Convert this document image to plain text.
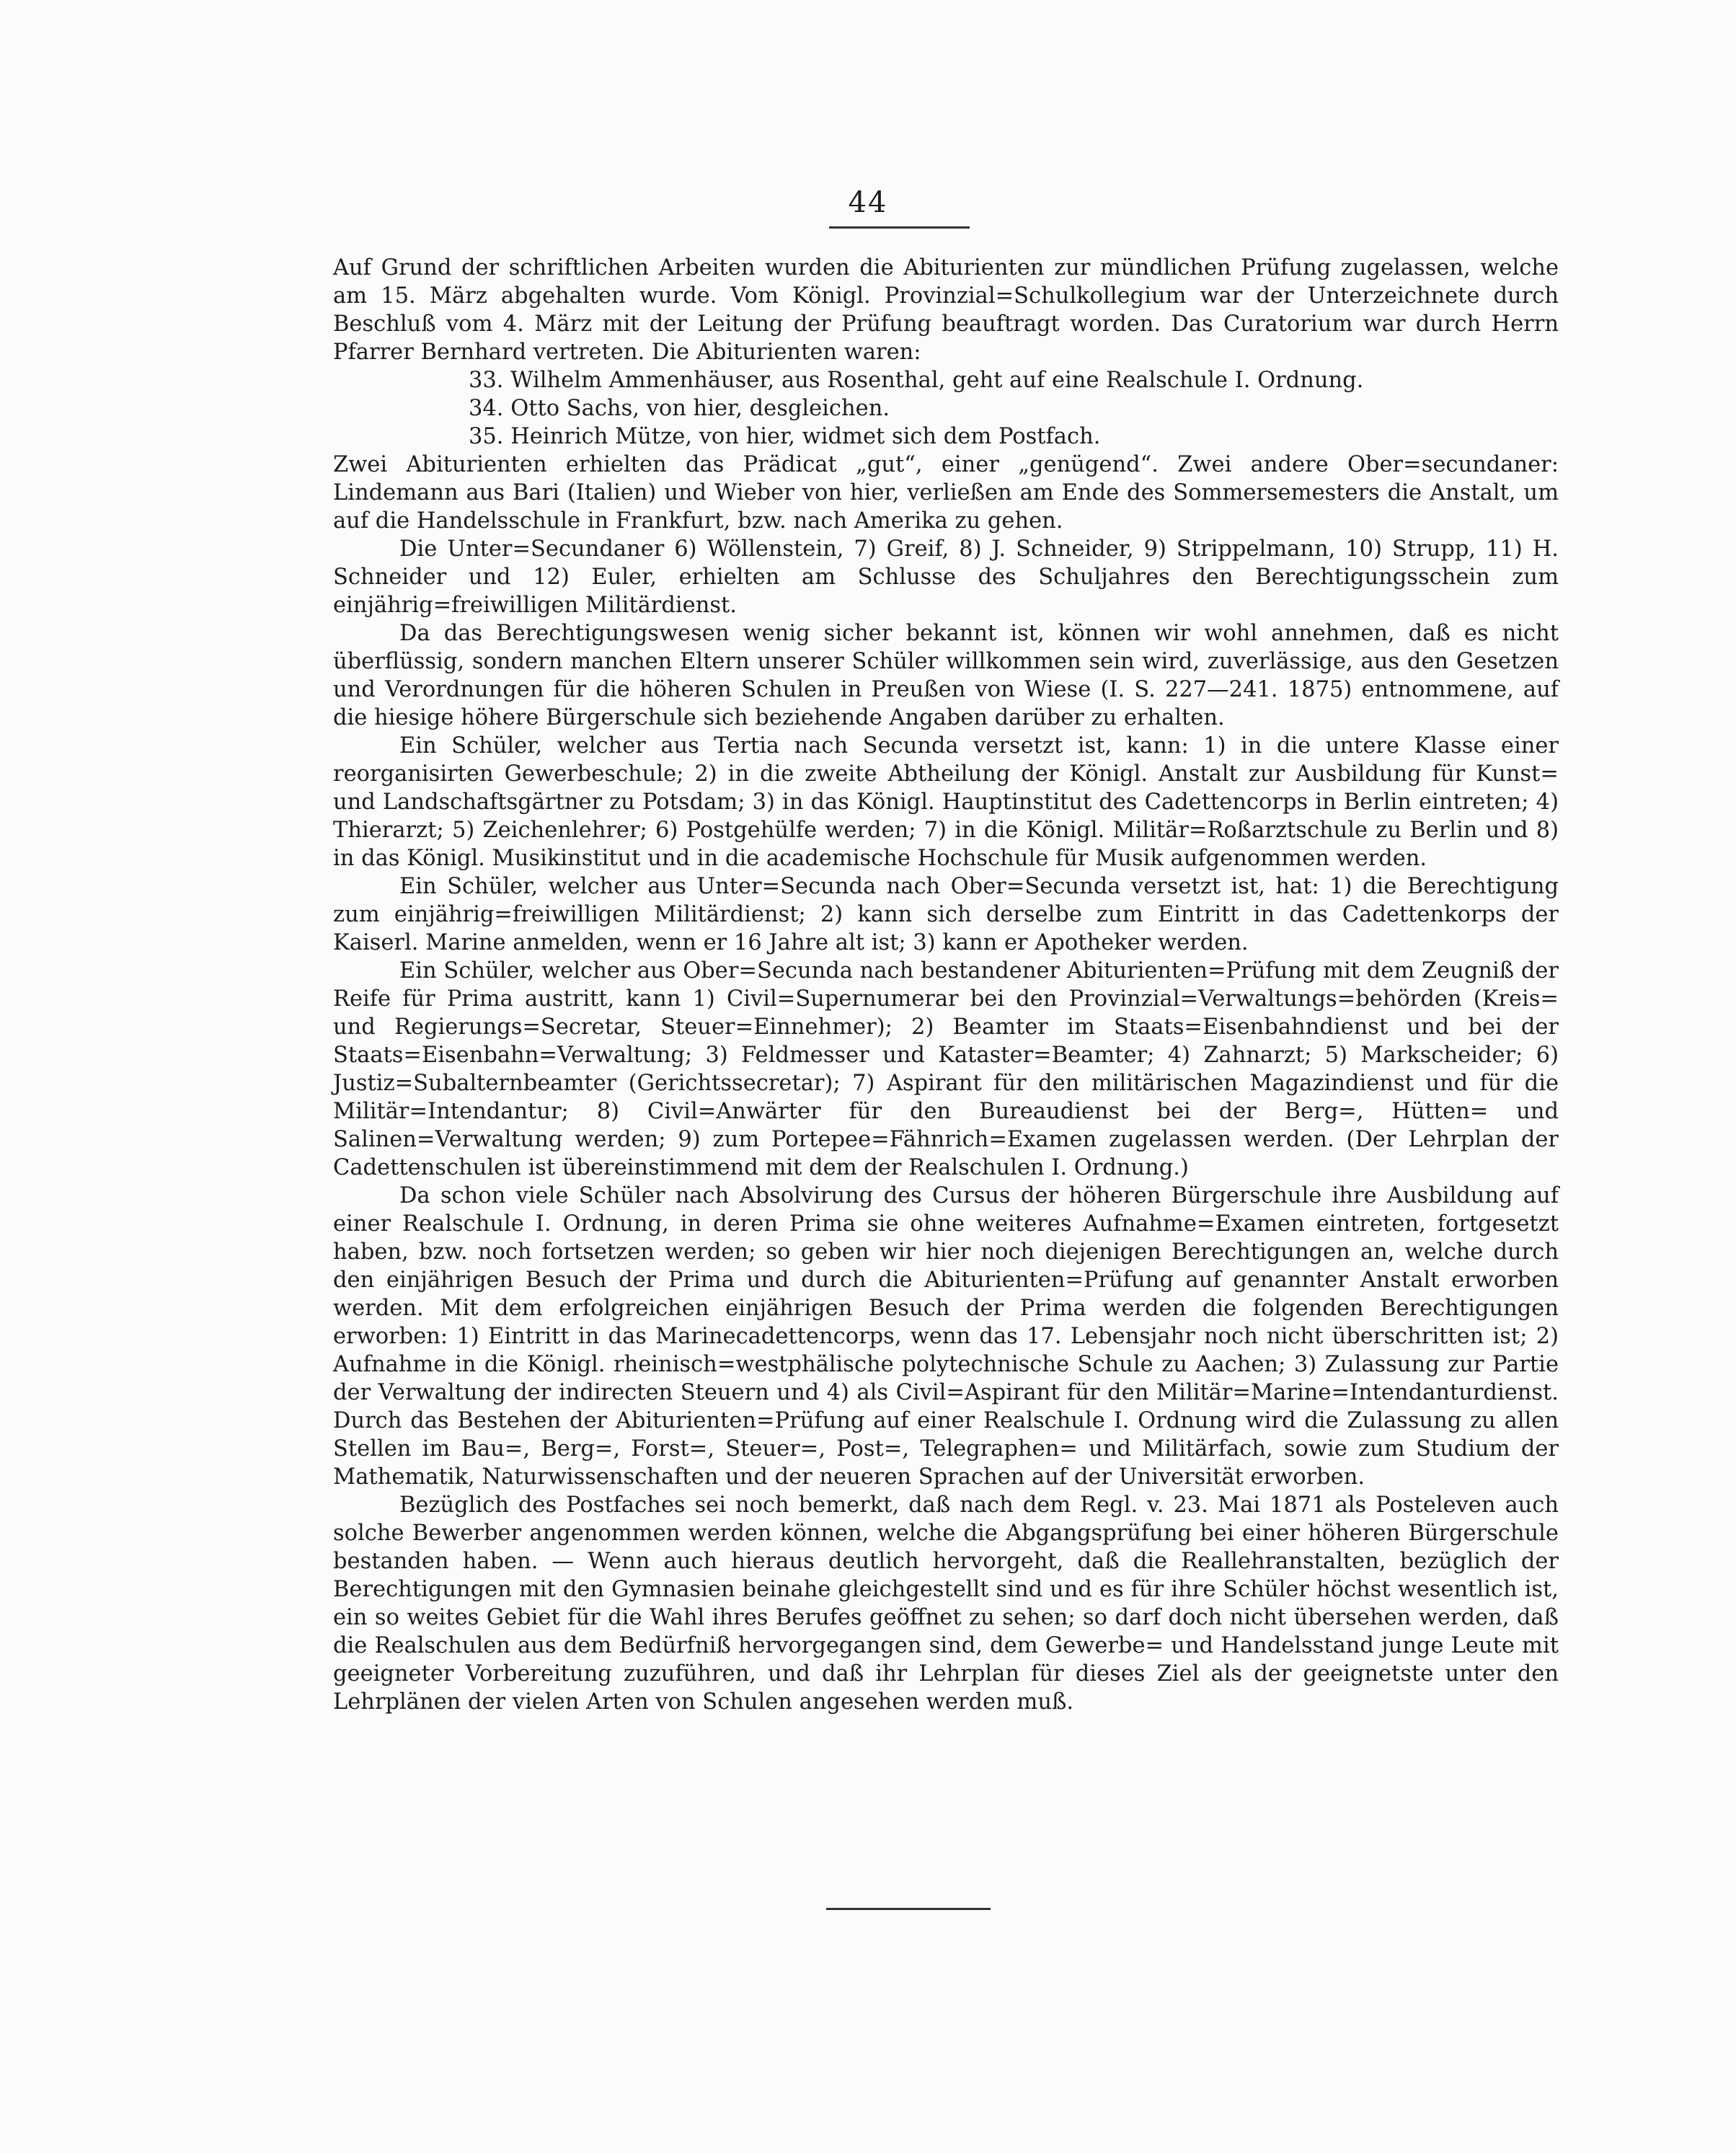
44

Auf Grund der schriftlichen Arbeiten wurden die Abiturienten zur mündlichen Prüfung zugelassen, welche am 15. März abgehalten wurde. Vom Königl. Provinzial=Schulkollegium war der Unterzeichnete durch Beschluß vom 4. März mit der Leitung der Prüfung beauftragt worden. Das Curatorium war durch Herrn Pfarrer Bernhard vertreten. Die Abiturienten waren:

33. Wilhelm Ammenhäuser, aus Rosenthal, geht auf eine Realschule I. Ordnung.

34. Otto Sachs, von hier, desgleichen.

35. Heinrich Mütze, von hier, widmet sich dem Postfach.

Zwei Abiturienten erhielten das Prädicat „gut“, einer „genügend“. Zwei andere Ober=secundaner: Lindemann aus Bari (Italien) und Wieber von hier, verließen am Ende des Sommersemesters die Anstalt, um auf die Handelsschule in Frankfurt, bzw. nach Amerika zu gehen.

Die Unter=Secundaner 6) Wöllenstein, 7) Greif, 8) J. Schneider, 9) Strippelmann, 10) Strupp, 11) H. Schneider und 12) Euler, erhielten am Schlusse des Schuljahres den Berechtigungsschein zum einjährig=freiwilligen Militärdienst.

Da das Berechtigungswesen wenig sicher bekannt ist, können wir wohl annehmen, daß es nicht überflüssig, sondern manchen Eltern unserer Schüler willkommen sein wird, zuverlässige, aus den Gesetzen und Verordnungen für die höheren Schulen in Preußen von Wiese (I. S. 227—241. 1875) entnommene, auf die hiesige höhere Bürgerschule sich beziehende Angaben darüber zu erhalten.

Ein Schüler, welcher aus Tertia nach Secunda versetzt ist, kann: 1) in die untere Klasse einer reorganisirten Gewerbeschule; 2) in die zweite Abtheilung der Königl. Anstalt zur Ausbildung für Kunst= und Landschaftsgärtner zu Potsdam; 3) in das Königl. Hauptinstitut des Cadettencorps in Berlin eintreten; 4) Thierarzt; 5) Zeichenlehrer; 6) Postgehülfe werden; 7) in die Königl. Militär=Roßarztschule zu Berlin und 8) in das Königl. Musikinstitut und in die academische Hochschule für Musik aufgenommen werden.

Ein Schüler, welcher aus Unter=Secunda nach Ober=Secunda versetzt ist, hat: 1) die Berechtigung zum einjährig=freiwilligen Militärdienst; 2) kann sich derselbe zum Eintritt in das Cadettenkorps der Kaiserl. Marine anmelden, wenn er 16 Jahre alt ist; 3) kann er Apotheker werden.

Ein Schüler, welcher aus Ober=Secunda nach bestandener Abiturienten=Prüfung mit dem Zeugniß der Reife für Prima austritt, kann 1) Civil=Supernumerar bei den Provinzial=Verwaltungs=behörden (Kreis= und Regierungs=Secretar, Steuer=Einnehmer); 2) Beamter im Staats=Eisenbahndienst und bei der Staats=Eisenbahn=Verwaltung; 3) Feldmesser und Kataster=Beamter; 4) Zahnarzt; 5) Markscheider; 6) Justiz=Subalternbeamter (Gerichtssecretar); 7) Aspirant für den militärischen Magazindienst und für die Militär=Intendantur; 8) Civil=Anwärter für den Bureaudienst bei der Berg=, Hütten= und Salinen=Verwaltung werden; 9) zum Portepee=Fähnrich=Examen zugelassen werden. (Der Lehrplan der Cadettenschulen ist übereinstimmend mit dem der Realschulen I. Ordnung.)

Da schon viele Schüler nach Absolvirung des Cursus der höheren Bürgerschule ihre Ausbildung auf einer Realschule I. Ordnung, in deren Prima sie ohne weiteres Aufnahme=Examen eintreten, fortgesetzt haben, bzw. noch fortsetzen werden; so geben wir hier noch diejenigen Berechtigungen an, welche durch den einjährigen Besuch der Prima und durch die Abiturienten=Prüfung auf genannter Anstalt erworben werden. Mit dem erfolgreichen einjährigen Besuch der Prima werden die folgenden Berechtigungen erworben: 1) Eintritt in das Marinecadettencorps, wenn das 17. Lebensjahr noch nicht überschritten ist; 2) Aufnahme in die Königl. rheinisch=westphälische polytechnische Schule zu Aachen; 3) Zulassung zur Partie der Verwaltung der indirecten Steuern und 4) als Civil=Aspirant für den Militär=Marine=Intendanturdienst. Durch das Bestehen der Abiturienten=Prüfung auf einer Realschule I. Ordnung wird die Zulassung zu allen Stellen im Bau=, Berg=, Forst=, Steuer=, Post=, Telegraphen= und Militärfach, sowie zum Studium der Mathematik, Naturwissenschaften und der neueren Sprachen auf der Universität erworben.

Bezüglich des Postfaches sei noch bemerkt, daß nach dem Regl. v. 23. Mai 1871 als Posteleven auch solche Bewerber angenommen werden können, welche die Abgangsprüfung bei einer höheren Bürgerschule bestanden haben. — Wenn auch hieraus deutlich hervorgeht, daß die Reallehranstalten, bezüglich der Berechtigungen mit den Gymnasien beinahe gleichgestellt sind und es für ihre Schüler höchst wesentlich ist, ein so weites Gebiet für die Wahl ihres Berufes geöffnet zu sehen; so darf doch nicht übersehen werden, daß die Realschulen aus dem Bedürfniß hervorgegangen sind, dem Gewerbe= und Handelsstand junge Leute mit geeigneter Vorbereitung zuzuführen, und daß ihr Lehrplan für dieses Ziel als der geeignetste unter den Lehrplänen der vielen Arten von Schulen angesehen werden muß.
